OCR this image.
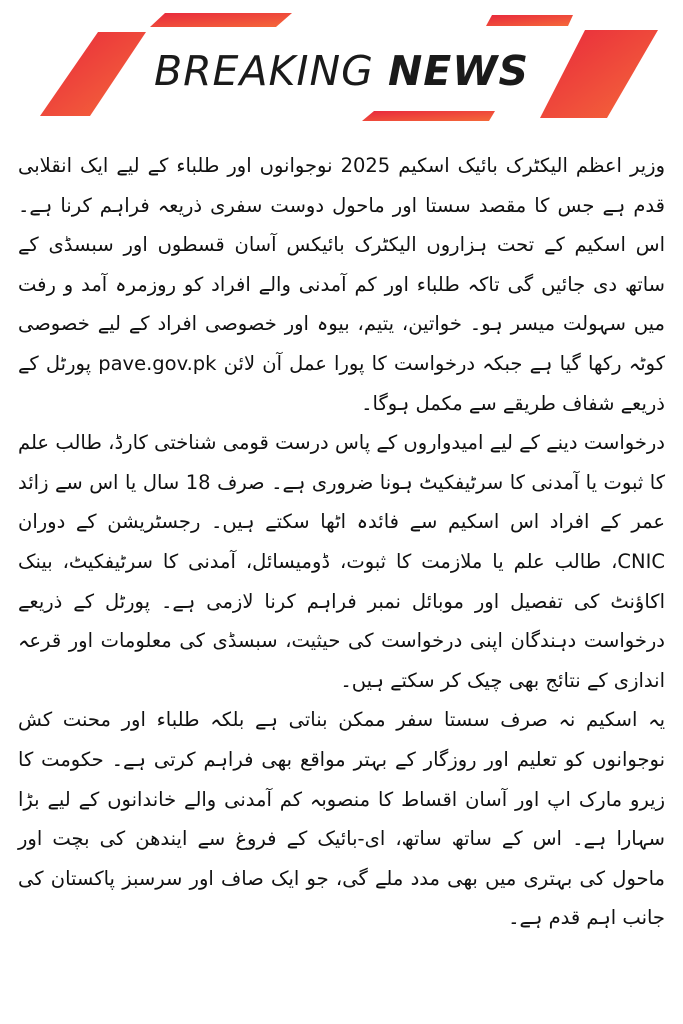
BREAKING NEWS

وزیر اعظم الیکٹرک بائیک اسکیم 2025 نوجوانوں اور طلباء کے لیے ایک انقلابی قدم ہے جس کا مقصد سستا اور ماحول دوست سفری ذریعہ فراہم کرنا ہے۔ اس اسکیم کے تحت ہزاروں الیکٹرک بائیکس آسان قسطوں اور سبسڈی کے ساتھ دی جائیں گی تاکہ طلباء اور کم آمدنی والے افراد کو روزمرہ آمد و رفت میں سہولت میسر ہو۔ خواتین، یتیم، بیوہ اور خصوصی افراد کے لیے خصوصی کوٹہ رکھا گیا ہے جبکہ درخواست کا پورا عمل آن لائن pave.gov.pk پورٹل کے ذریعے شفاف طریقے سے مکمل ہوگا۔

درخواست دینے کے لیے امیدواروں کے پاس درست قومی شناختی کارڈ، طالب علم کا ثبوت یا آمدنی کا سرٹیفکیٹ ہونا ضروری ہے۔ صرف 18 سال یا اس سے زائد عمر کے افراد اس اسکیم سے فائدہ اٹھا سکتے ہیں۔ رجسٹریشن کے دوران CNIC، طالب علم یا ملازمت کا ثبوت، ڈومیسائل، آمدنی کا سرٹیفکیٹ، بینک اکاؤنٹ کی تفصیل اور موبائل نمبر فراہم کرنا لازمی ہے۔ پورٹل کے ذریعے درخواست دہندگان اپنی درخواست کی حیثیت، سبسڈی کی معلومات اور قرعہ اندازی کے نتائج بھی چیک کر سکتے ہیں۔

یہ اسکیم نہ صرف سستا سفر ممکن بناتی ہے بلکہ طلباء اور محنت کش نوجوانوں کو تعلیم اور روزگار کے بہتر مواقع بھی فراہم کرتی ہے۔ حکومت کا زیرو مارک اپ اور آسان اقساط کا منصوبہ کم آمدنی والے خاندانوں کے لیے بڑا سہارا ہے۔ اس کے ساتھ ساتھ، ای-بائیک کے فروغ سے ایندھن کی بچت اور ماحول کی بہتری میں بھی مدد ملے گی، جو ایک صاف اور سرسبز پاکستان کی جانب اہم قدم ہے۔
